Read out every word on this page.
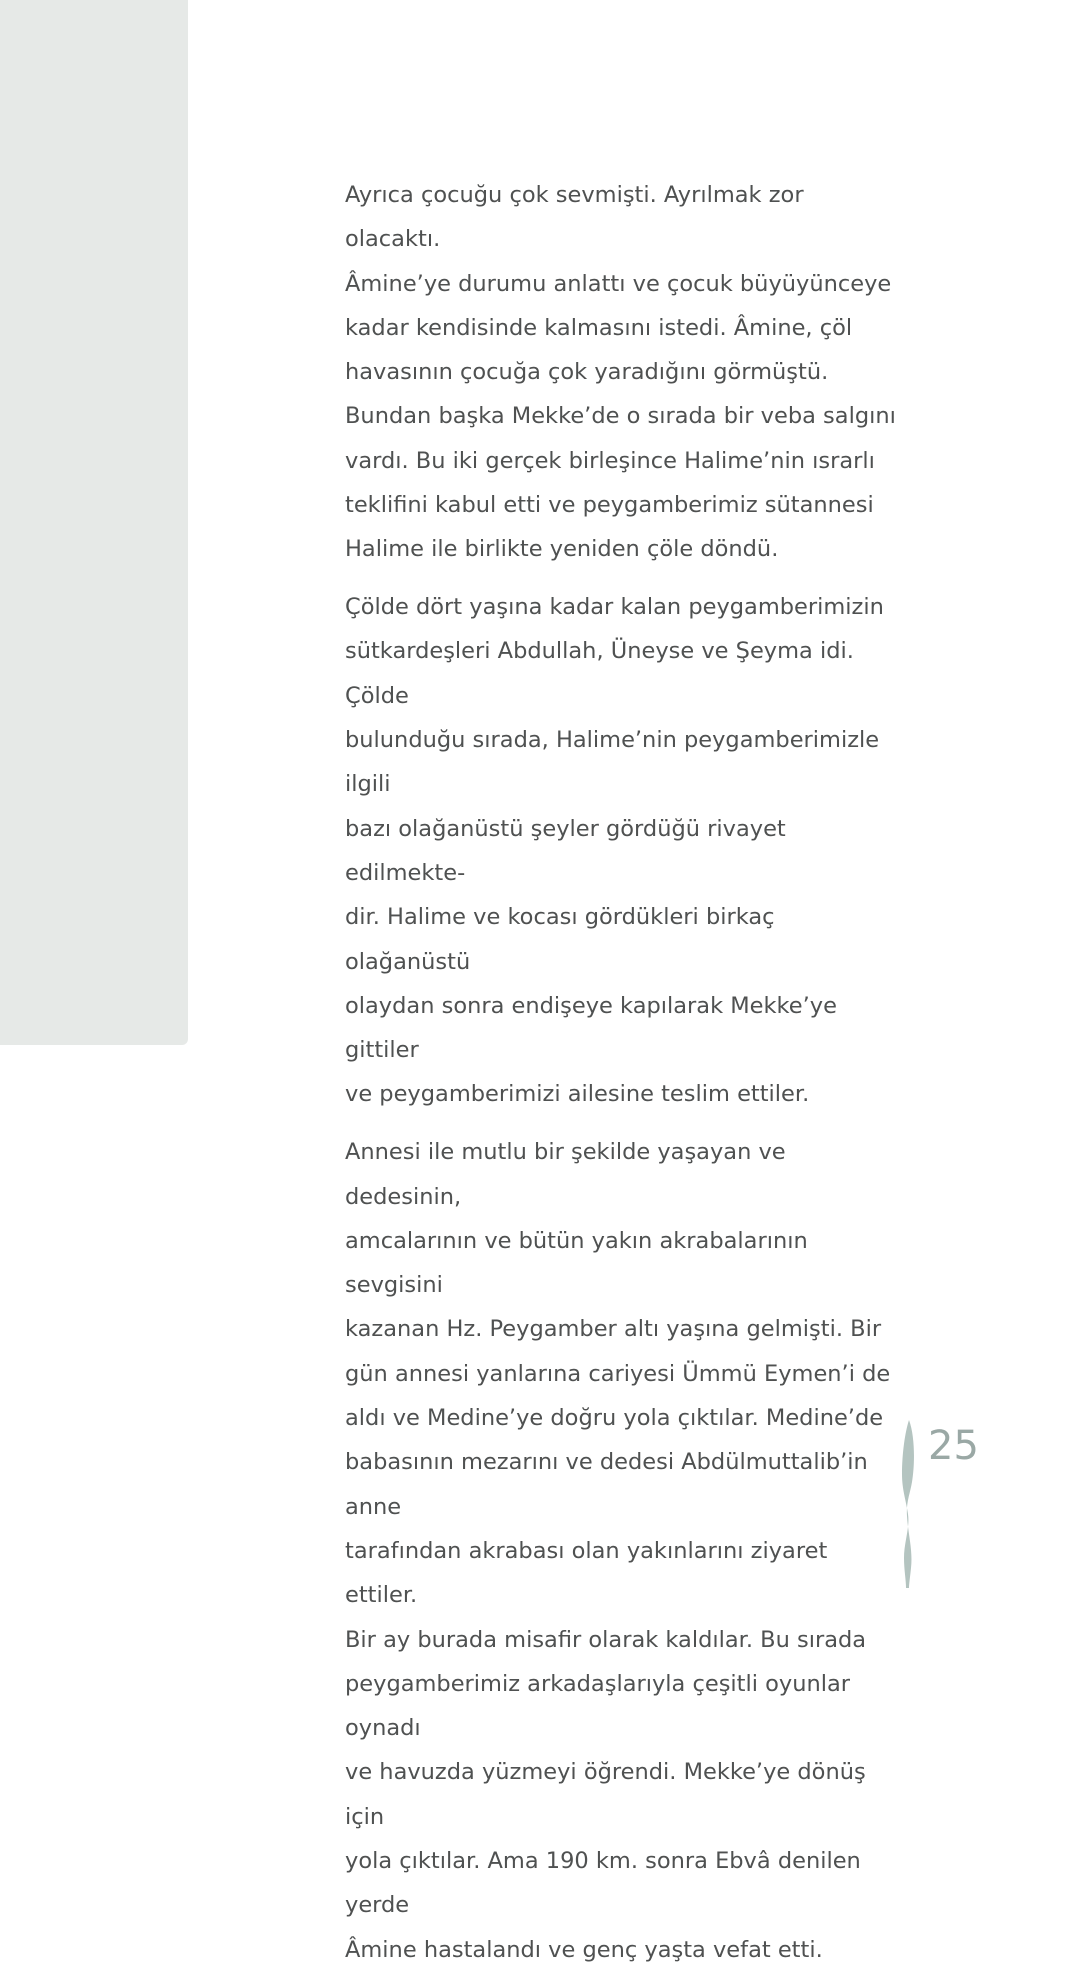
Ayrıca çocuğu çok sevmişti. Ayrılmak zor olacaktı.
Âmine’ye durumu anlattı ve çocuk büyüyünceye
kadar kendisinde kalmasını istedi. Âmine, çöl
havasının çocuğa çok yaradığını görmüştü.
Bundan başka Mekke’de o sırada bir veba salgını
vardı. Bu iki gerçek birleşince Halime’nin ısrarlı
teklifini kabul etti ve peygamberimiz sütannesi
Halime ile birlikte yeniden çöle döndü.

Çölde dört yaşına kadar kalan peygamberimizin
sütkardeşleri Abdullah, Üneyse ve Şeyma idi. Çölde
bulunduğu sırada, Halime’nin peygamberimizle ilgili
bazı olağanüstü şeyler gördüğü rivayet edilmekte-
dir. Halime ve kocası gördükleri birkaç olağanüstü
olaydan sonra endişeye kapılarak Mekke’ye gittiler
ve peygamberimizi ailesine teslim ettiler.

Annesi ile mutlu bir şekilde yaşayan ve dedesinin,
amcalarının ve bütün yakın akrabalarının sevgisini
kazanan Hz. Peygamber altı yaşına gelmişti. Bir
gün annesi yanlarına cariyesi Ümmü Eymen’i de
aldı ve Medine’ye doğru yola çıktılar. Medine’de
babasının mezarını ve dedesi Abdülmuttalib’in anne
tarafından akrabası olan yakınlarını ziyaret ettiler.
Bir ay burada misafir olarak kaldılar. Bu sırada
peygamberimiz arkadaşlarıyla çeşitli oyunlar oynadı
ve havuzda yüzmeyi öğrendi. Mekke’ye dönüş için
yola çıktılar. Ama 190 km. sonra Ebvâ denilen yerde
Âmine hastalandı ve genç yaşta vefat etti.

25
